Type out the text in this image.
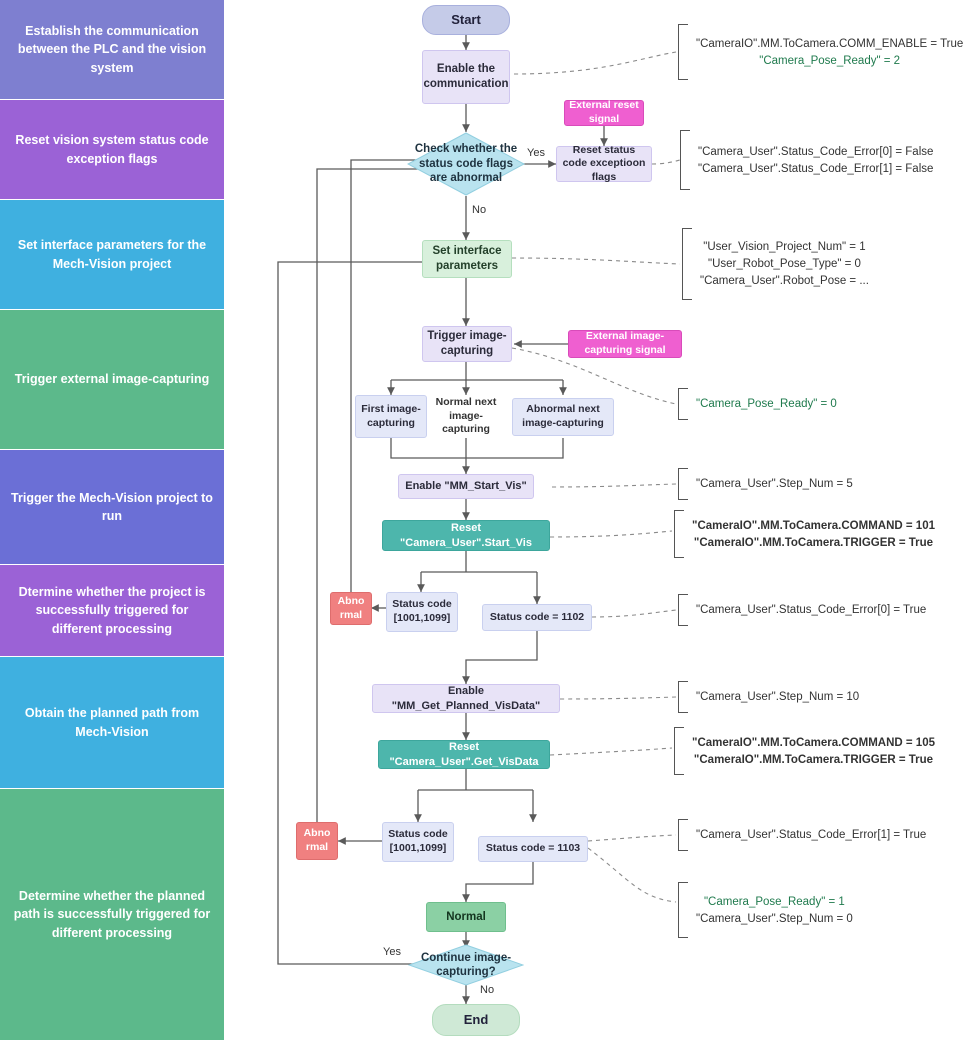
Establish the communication between the PLC and the vision system
Reset vision system status code exception flags
Set interface parameters for the Mech-Vision project
Trigger external image-capturing
Trigger the Mech-Vision project to run
Dtermine whether the project is successfully triggered for different processing
Obtain the planned path from Mech-Vision
Determine whether the planned path is successfully triggered for different processing
Start
Enable the communication
Check whether the status code flags are abnormal
External reset signal
Reset status code exceptioon flags
Set interface parameters
Trigger image-capturing
External image-capturing signal
First image-capturing
Normal next image-capturing
Abnormal next image-capturing
Enable "MM_Start_Vis"
Reset "Camera_User".Start_Vis
Abno rmal
Status code [1001,1099]	Status code = 1102
Enable "MM_Get_Planned_VisData"
Reset "Camera_User".Get_VisData
Abno rmal
Status code [1001,1099]	Status code = 1103
Normal
Continue image-capturing?
End
Yes
No
Yes
No
"CameraIO".MM.ToCamera.COMM_ENABLE = True
"Camera_Pose_Ready" = 2
"Camera_User".Status_Code_Error[0] = False
"Camera_User".Status_Code_Error[1] = False
"User_Vision_Project_Num" = 1
"User_Robot_Pose_Type" = 0
"Camera_User".Robot_Pose = ...
"Camera_Pose_Ready" = 0
"Camera_User".Step_Num = 5
"CameraIO".MM.ToCamera.COMMAND = 101
"CameraIO".MM.ToCamera.TRIGGER = True
"Camera_User".Status_Code_Error[0] = True
"Camera_User".Step_Num = 10
"CameraIO".MM.ToCamera.COMMAND = 105
"CameraIO".MM.ToCamera.TRIGGER = True
"Camera_User".Status_Code_Error[1] = True
"Camera_Pose_Ready" = 1
"Camera_User".Step_Num = 0
